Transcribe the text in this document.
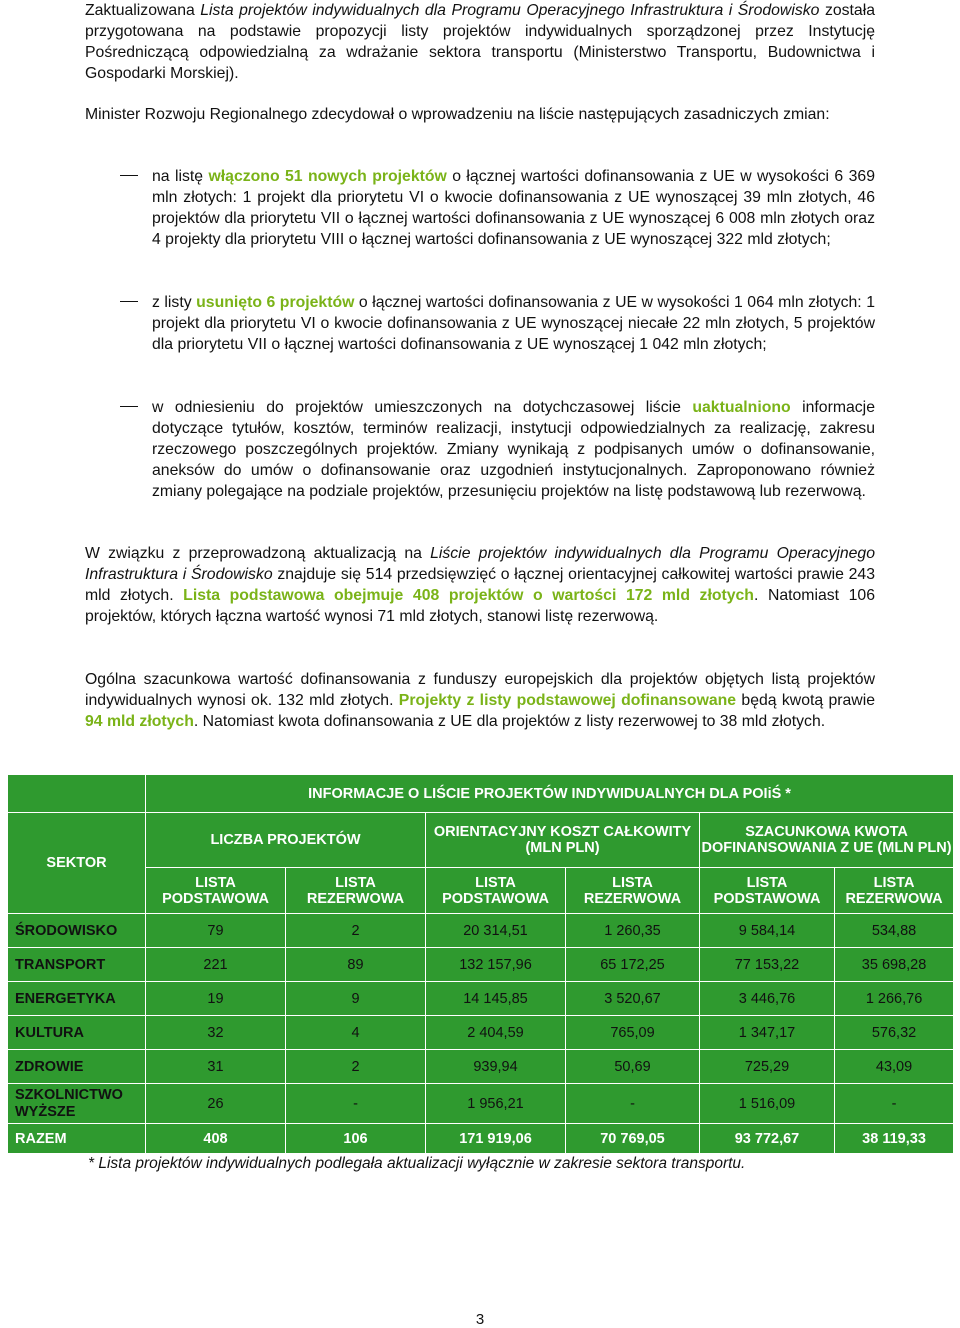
Zaktualizowana Lista projektów indywidualnych dla Programu Operacyjnego Infrastruktura i Środowisko została przygotowana na podstawie propozycji listy projektów indywidualnych sporządzonej przez Instytucję Pośredniczącą odpowiedzialną za wdrażanie sektora transportu (Ministerstwo Transportu, Budownictwa i Gospodarki Morskiej).

Minister Rozwoju Regionalnego zdecydował o wprowadzeniu na liście następujących zasadniczych zmian:

na listę włączono 51 nowych projektów o łącznej wartości dofinansowania z UE w wysokości 6 369 mln złotych: 1 projekt dla priorytetu VI o kwocie dofinansowania z UE wynoszącej 39 mln złotych, 46 projektów dla priorytetu VII o łącznej wartości dofinansowania z UE wynoszącej 6 008 mln złotych oraz 4 projekty dla priorytetu VIII o łącznej wartości dofinansowania z UE wynoszącej 322 mld złotych;

z listy usunięto 6 projektów o łącznej wartości dofinansowania z UE w wysokości 1 064 mln złotych: 1 projekt dla priorytetu VI o kwocie dofinansowania z UE wynoszącej niecałe 22 mln złotych, 5 projektów dla priorytetu VII o łącznej wartości dofinansowania z UE wynoszącej 1 042 mln złotych;

w odniesieniu do projektów umieszczonych na dotychczasowej liście uaktualniono informacje dotyczące tytułów, kosztów, terminów realizacji, instytucji odpowiedzialnych za realizację, zakresu rzeczowego poszczególnych projektów. Zmiany wynikają z podpisanych umów o dofinansowanie, aneksów do umów o dofinansowanie oraz uzgodnień instytucjonalnych. Zaproponowano również zmiany polegające na podziale projektów, przesunięciu projektów na listę podstawową lub rezerwową.

W związku z przeprowadzoną aktualizacją na Liście projektów indywidualnych dla Programu Operacyjnego Infrastruktura i Środowisko znajduje się 514 przedsięwzięć o łącznej orientacyjnej całkowitej wartości prawie 243 mld złotych. Lista podstawowa obejmuje 408 projektów o wartości 172 mld złotych. Natomiast 106 projektów, których łączna wartość wynosi 71 mld złotych, stanowi listę rezerwową.

Ogólna szacunkowa wartość dofinansowania z funduszy europejskich dla projektów objętych listą projektów indywidualnych wynosi ok. 132 mld złotych. Projekty z listy podstawowej dofinansowane będą kwotą prawie 94 mld złotych. Natomiast kwota dofinansowania z UE dla projektów z listy rezerwowej to 38 mld złotych.

	INFORMACJE O LIŚCIE PROJEKTÓW INDYWIDUALNYCH DLA POIiŚ *					
SEKTOR	LICZBA PROJEKTÓW		ORIENTACYJNY KOSZT CAŁKOWITY (MLN PLN)		SZACUNKOWA KWOTA DOFINANSOWANIA Z UE (MLN PLN)	
	LISTA PODSTAWOWA	LISTA REZERWOWA	LISTA PODSTAWOWA	LISTA REZERWOWA	LISTA PODSTAWOWA	LISTA REZERWOWA
ŚRODOWISKO	79	2	20 314,51	1 260,35	9 584,14	534,88
TRANSPORT	221	89	132 157,96	65 172,25	77 153,22	35 698,28
ENERGETYKA	19	9	14 145,85	3 520,67	3 446,76	1 266,76
KULTURA	32	4	2 404,59	765,09	1 347,17	576,32
ZDROWIE	31	2	939,94	50,69	725,29	43,09
SZKOLNICTWO WYŻSZE	26	-	1 956,21	-	1 516,09	-
RAZEM	408	106	171 919,06	70 769,05	93 772,67	38 119,33

* Lista projektów indywidualnych podlegała aktualizacji wyłącznie w zakresie sektora transportu.

3
